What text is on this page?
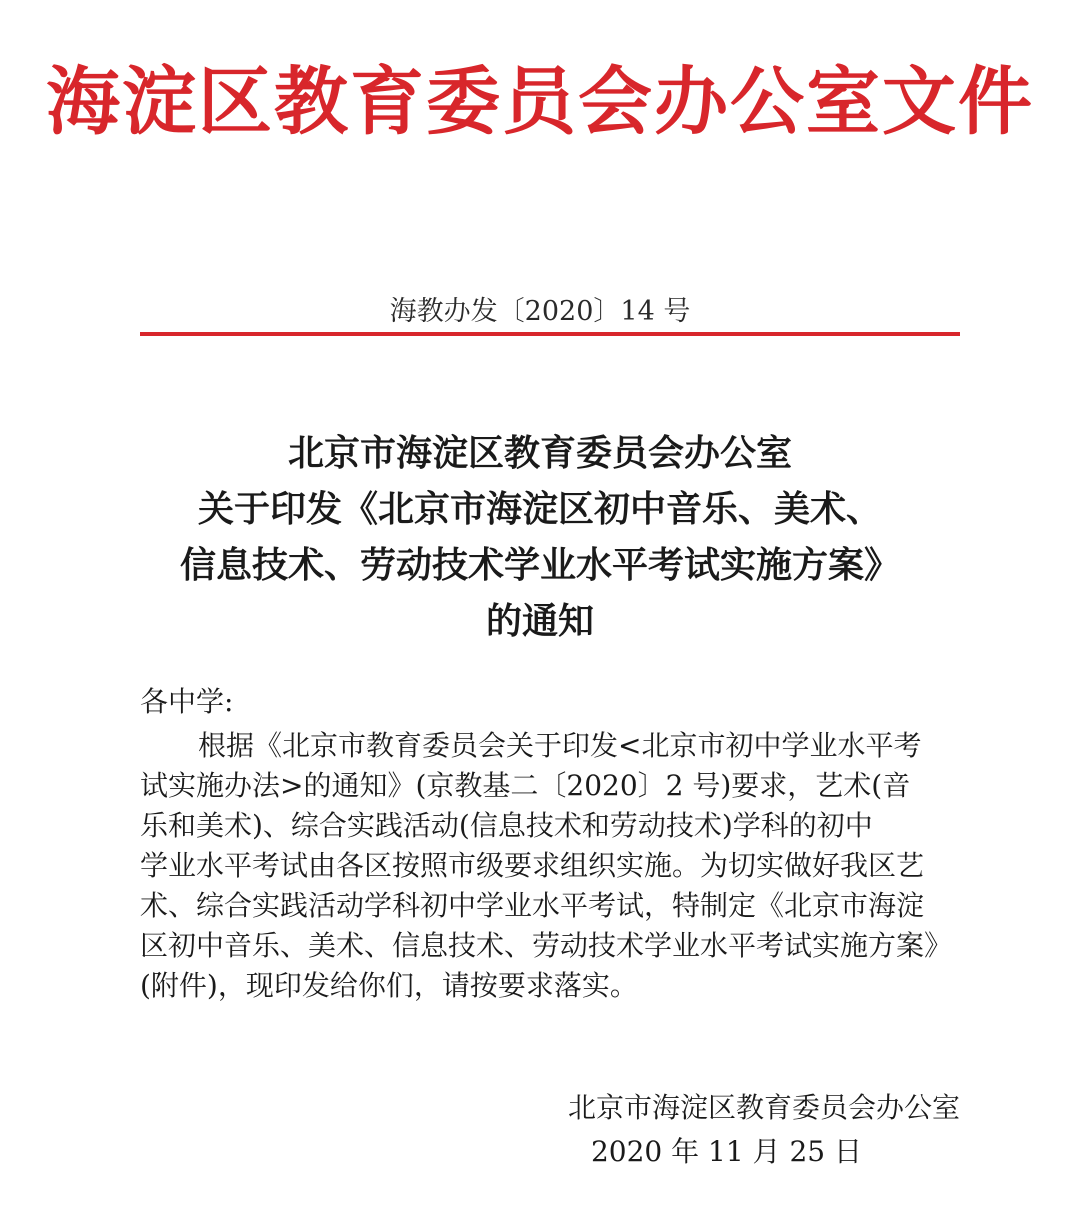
海淀区教育委员会办公室文件
海教办发〔2020〕14 号
北京市海淀区教育委员会办公室
关于印发《北京市海淀区初中音乐、美术、
信息技术、劳动技术学业水平考试实施方案》
的通知
各中学:
根据《北京市教育委员会关于印发<北京市初中学业水平考
试实施办法>的通知》(京教基二〔2020〕2 号)要求，艺术(音
乐和美术)、综合实践活动(信息技术和劳动技术)学科的初中
学业水平考试由各区按照市级要求组织实施。为切实做好我区艺
术、综合实践活动学科初中学业水平考试，特制定《北京市海淀
区初中音乐、美术、信息技术、劳动技术学业水平考试实施方案》
(附件)，现印发给你们，请按要求落实。
北京市海淀区教育委员会办公室
2020 年 11 月 25 日
